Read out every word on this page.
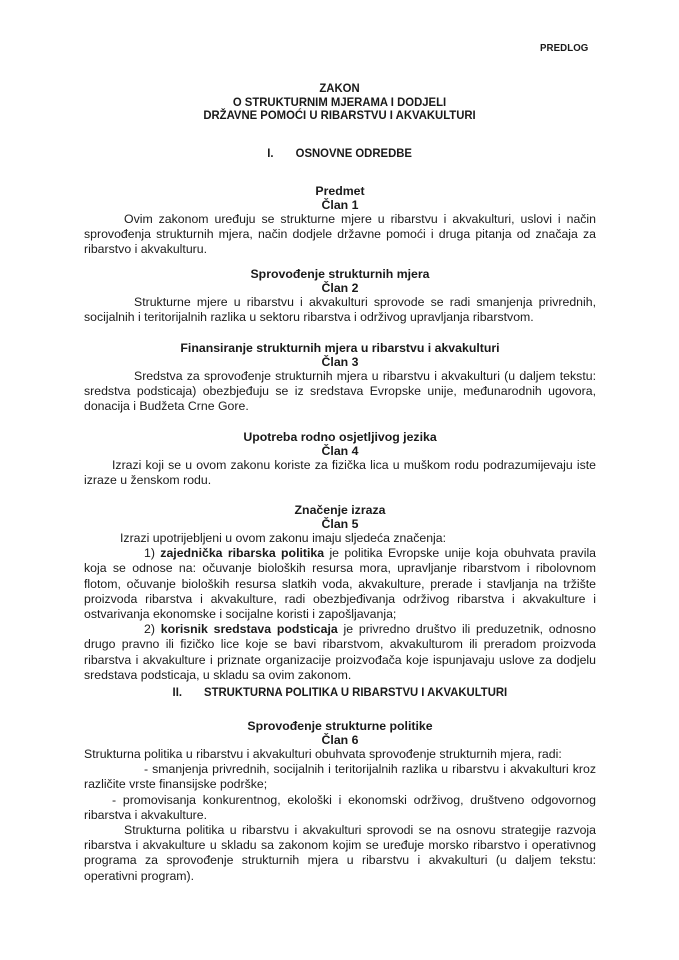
PREDLOG
ZAKON
O STRUKTURNIM MJERAMA I DODJELI
DRŽAVNE POMOĆI U RIBARSTVU I AKVAKULTURI
I. OSNOVNE ODREDBE
Predmet
Član 1

Ovim zakonom uređuju se strukturne mjere u ribarstvu i akvakulturi, uslovi i način sprovođenja strukturnih mjera, način dodjele državne pomoći i druga pitanja od značaja za ribarstvo i akvakulturu.

Sprovođenje strukturnih mjera
Član 2

Strukturne mjere u ribarstvu i akvakulturi sprovode se radi smanjenja privrednih, socijalnih i teritorijalnih razlika u sektoru ribarstva i održivog upravljanja ribarstvom.

Finansiranje strukturnih mjera u ribarstvu i akvakulturi
Član 3

Sredstva za sprovođenje strukturnih mjera u ribarstvu i akvakulturi (u daljem tekstu: sredstva podsticaja) obezbjeđuju se iz sredstava Evropske unije, međunarodnih ugovora, donacija i Budžeta Crne Gore.

Upotreba rodno osjetljivog jezika
Član 4

Izrazi koji se u ovom zakonu koriste za fizička lica u muškom rodu podrazumijevaju iste izraze u ženskom rodu.

Značenje izraza
Član 5

Izrazi upotrijebljeni u ovom zakonu imaju sljedeća značenja:

1) zajednička ribarska politika je politika Evropske unije koja obuhvata pravila koja se odnose na: očuvanje bioloških resursa mora, upravljanje ribarstvom i ribolovnom flotom, očuvanje bioloških resursa slatkih voda, akvakulture, prerade i stavljanja na tržište proizvoda ribarstva i akvakulture, radi obezbjeđivanja održivog ribarstva i akvakulture i ostvarivanja ekonomske i socijalne koristi i zapošljavanja;

2) korisnik sredstava podsticaja je privredno društvo ili preduzetnik, odnosno drugo pravno ili fizičko lice koje se bavi ribarstvom, akvakulturom ili preradom proizvoda ribarstva i akvakulture i priznate organizacije proizvođača koje ispunjavaju uslove za dodjelu sredstava podsticaja, u skladu sa ovim zakonom.

II. STRUKTURNA POLITIKA U RIBARSTVU I AKVAKULTURI
Sprovođenje strukturne politike
Član 6

Strukturna politika u ribarstvu i akvakulturi obuhvata sprovođenje strukturnih mjera, radi:

- smanjenja privrednih, socijalnih i teritorijalnih razlika u ribarstvu i akvakulturi kroz različite vrste finansijske podrške;

- promovisanja konkurentnog, ekološki i ekonomski održivog, društveno odgovornog ribarstva i akvakulture.

Strukturna politika u ribarstvu i akvakulturi sprovodi se na osnovu strategije razvoja ribarstva i akvakulture u skladu sa zakonom kojim se uređuje morsko ribarstvo i operativnog programa za sprovođenje strukturnih mjera u ribarstvu i akvakulturi (u daljem tekstu: operativni program).
